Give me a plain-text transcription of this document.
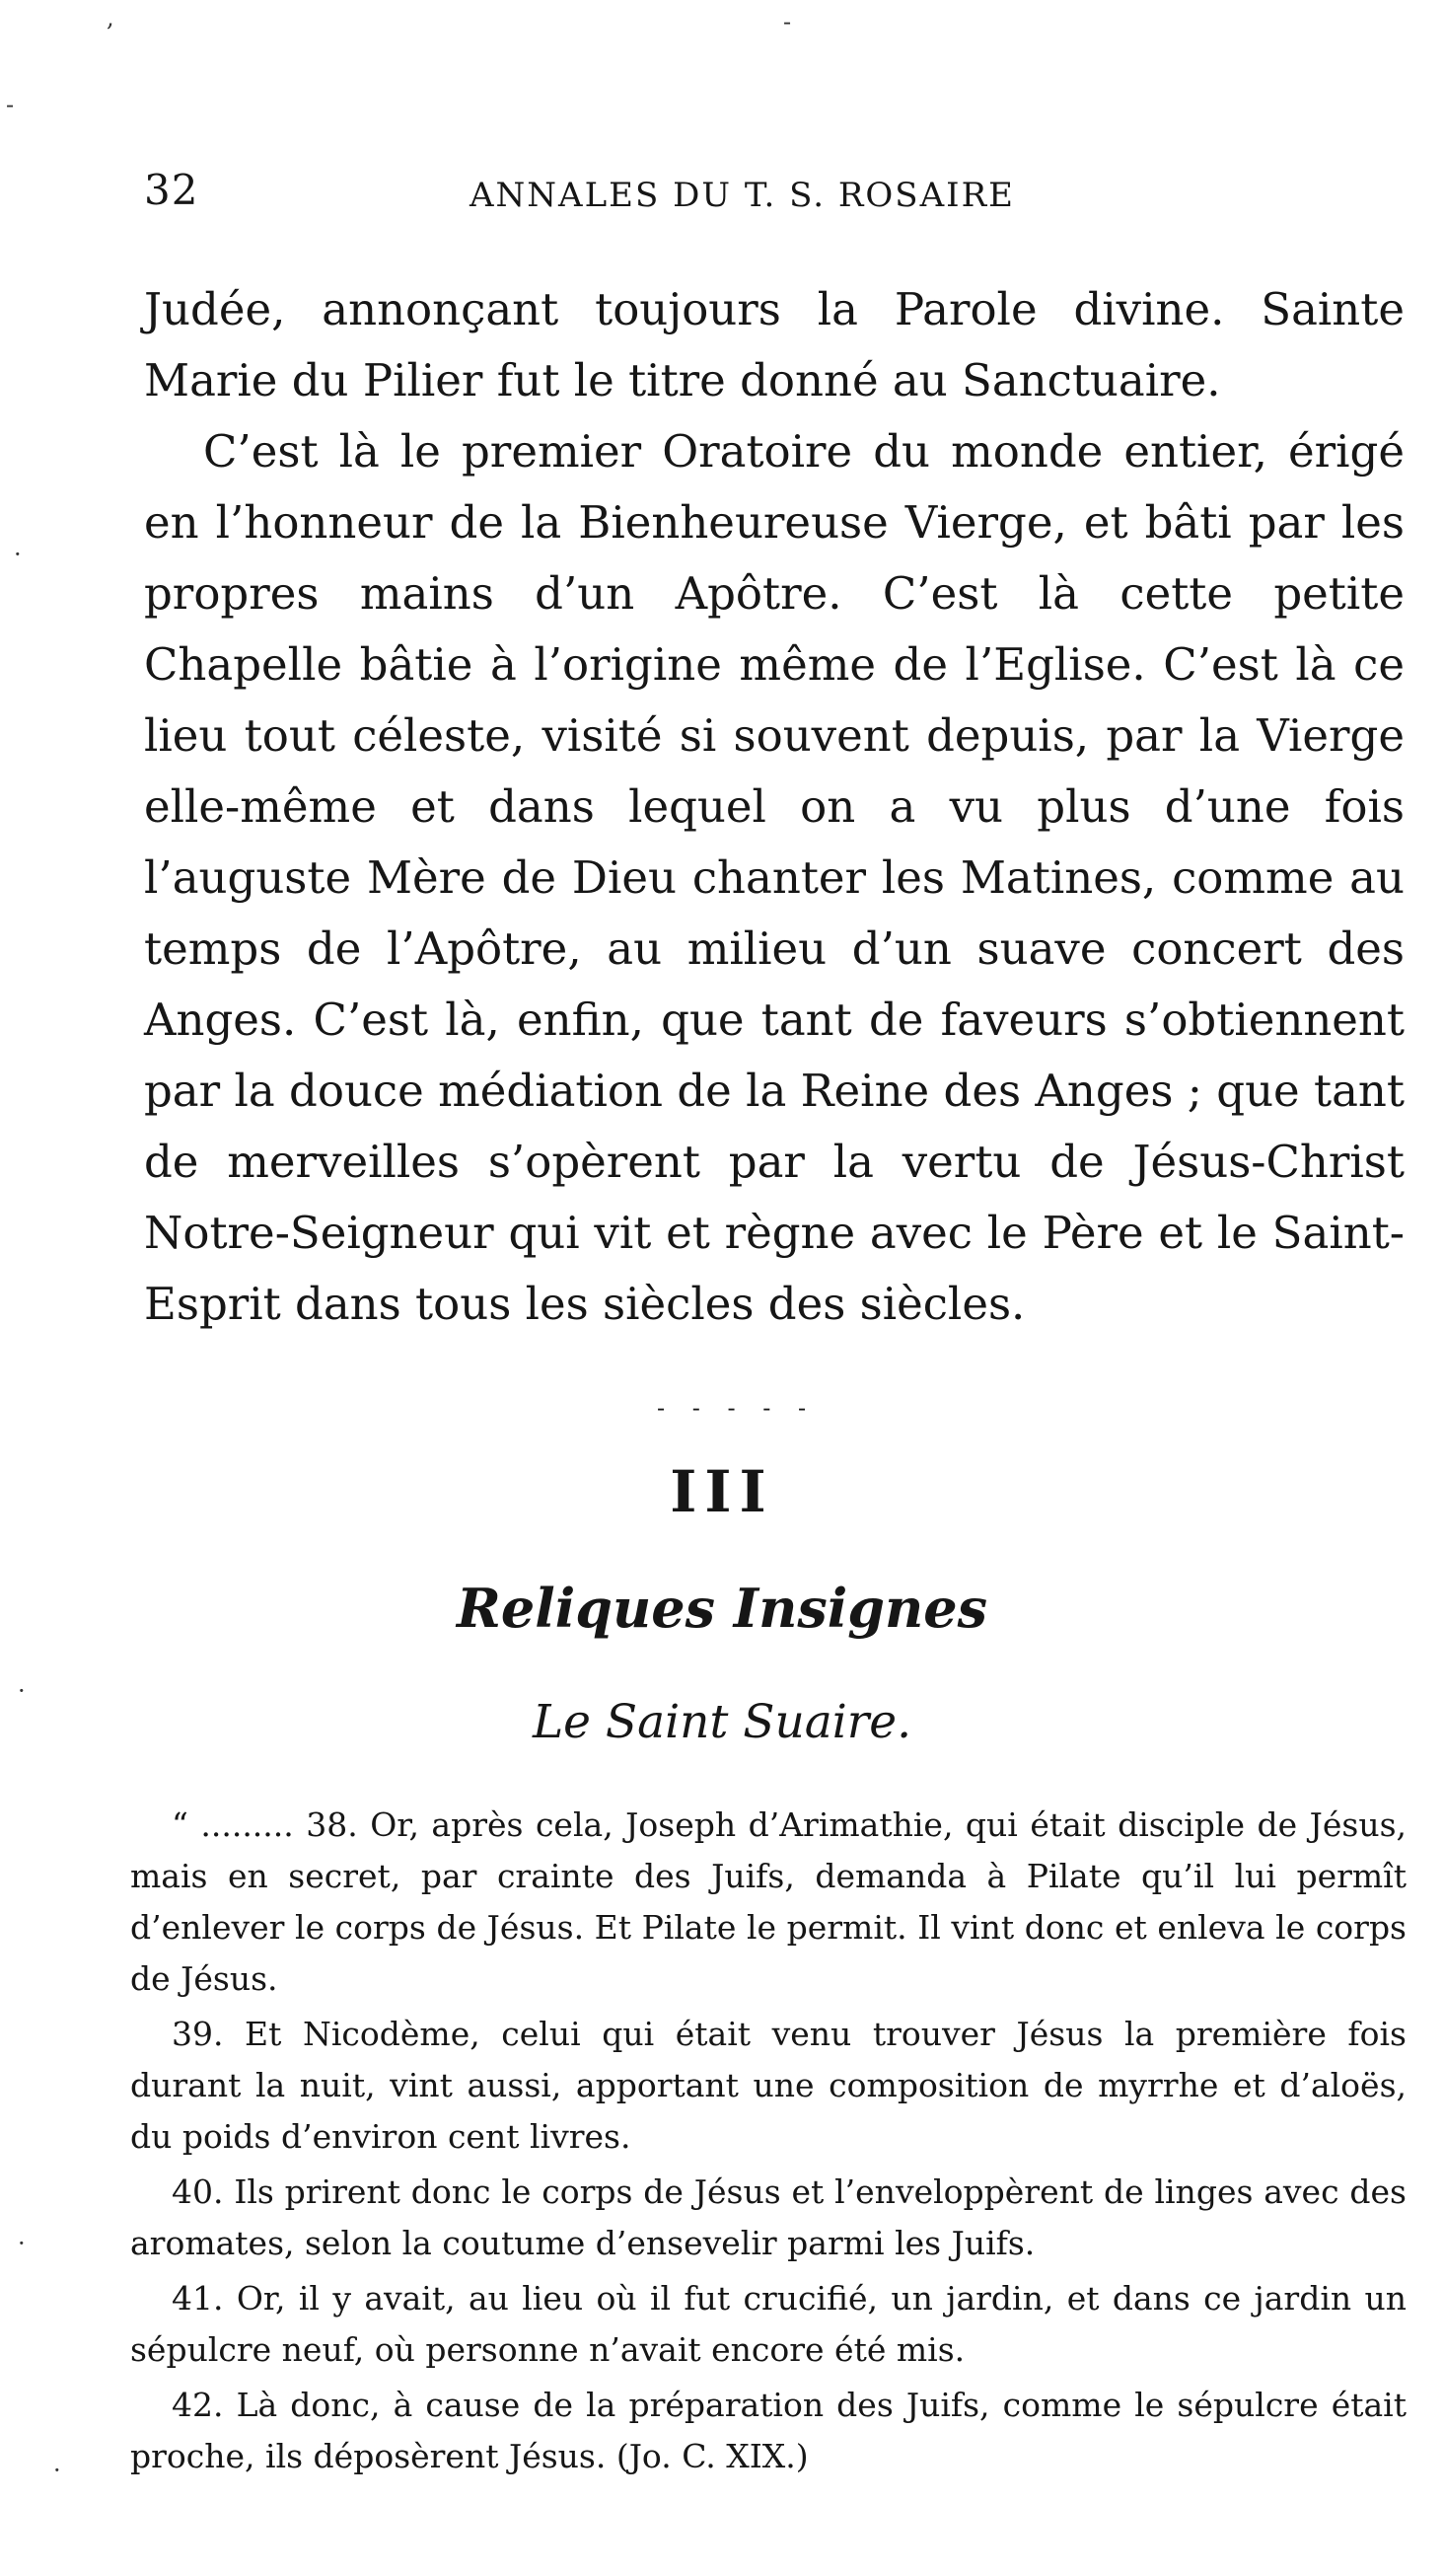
,	-
-
·
·
·
·
32	ANNALES DU T. S. ROSAIRE

Judée, annonçant toujours la Parole divine. Sainte Marie du Pilier fut le titre donné au Sanctuaire.

C’est là le premier Oratoire du monde entier, érigé en l’honneur de la Bienheureuse Vierge, et bâti par les propres mains d’un Apôtre. C’est là cette petite Chapelle bâtie à l’origine même de l’Eglise. C’est là ce lieu tout céleste, visité si souvent depuis, par la Vierge elle-même et dans lequel on a vu plus d’une fois l’auguste Mère de Dieu chanter les Matines, comme au temps de l’Apôtre, au milieu d’un suave concert des Anges. C’est là, enfin, que tant de faveurs s’obtiennent par la douce médiation de la Reine des Anges ; que tant de merveilles s’opèrent par la vertu de Jésus-Christ Notre-Seigneur qui vit et règne avec le Père et le Saint-Esprit dans tous les siècles des siècles.

- - - - -
III
Reliques Insignes
Le Saint Suaire.

“ ......... 38. Or, après cela, Joseph d’Arimathie, qui était disciple de Jésus, mais en secret, par crainte des Juifs, demanda à Pilate qu’il lui permît d’enlever le corps de Jésus. Et Pilate le permit. Il vint donc et enleva le corps de Jésus.

39. Et Nicodème, celui qui était venu trouver Jésus la première fois durant la nuit, vint aussi, apportant une composition de myrrhe et d’aloës, du poids d’environ cent livres.

40. Ils prirent donc le corps de Jésus et l’enveloppèrent de linges avec des aromates, selon la coutume d’ensevelir parmi les Juifs.

41. Or, il y avait, au lieu où il fut crucifié, un jardin, et dans ce jardin un sépulcre neuf, où personne n’avait encore été mis.

42. Là donc, à cause de la préparation des Juifs, comme le sépulcre était proche, ils déposèrent Jésus. (Jo. C. XIX.)
